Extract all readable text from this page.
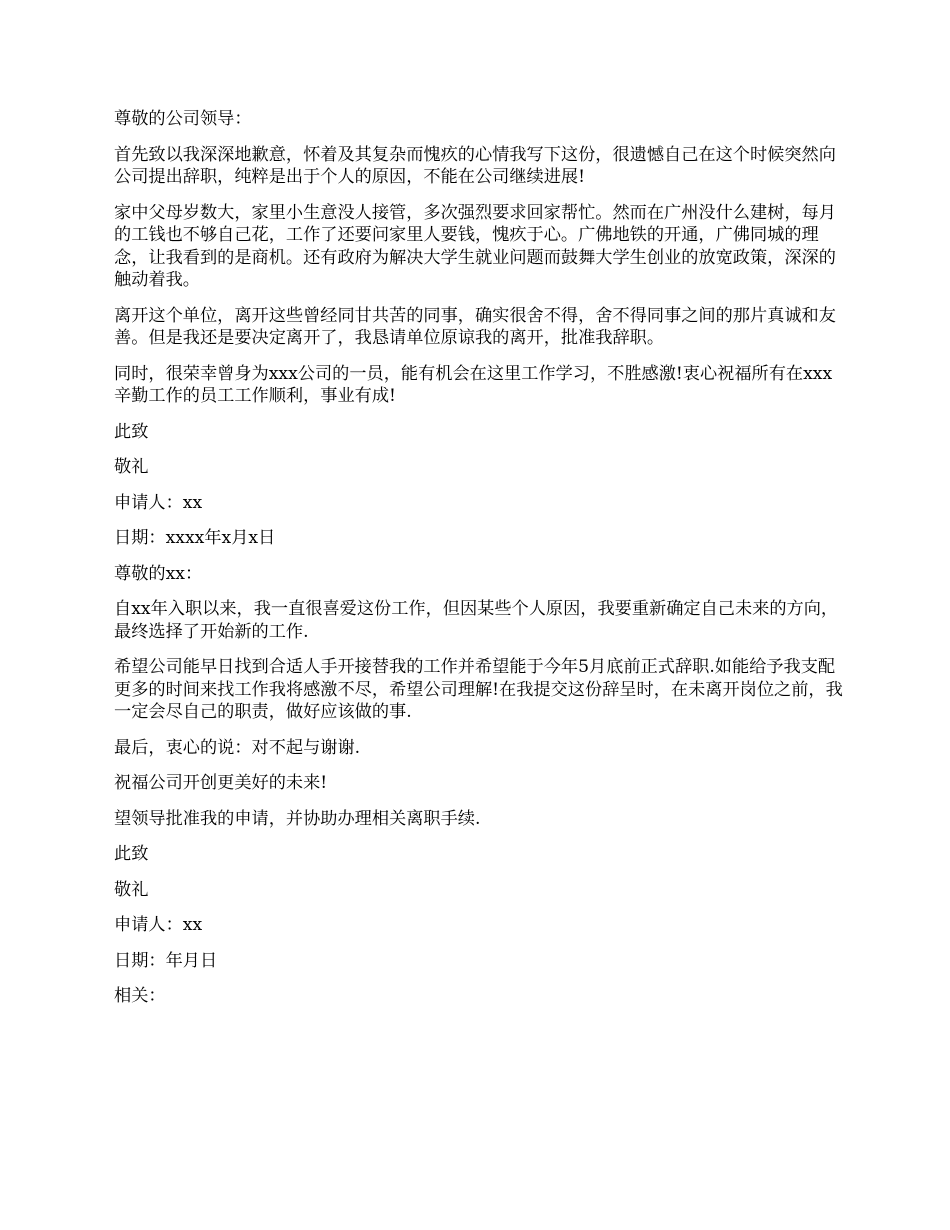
尊敬的公司领导：

首先致以我深深地歉意，怀着及其复杂而愧疚的心情我写下这份，很遗憾自己在这个时候突然向公司提出辞职，纯粹是出于个人的原因，不能在公司继续进展!

家中父母岁数大，家里小生意没人接管，多次强烈要求回家帮忙。然而在广州没什么建树，每月的工钱也不够自己花，工作了还要问家里人要钱，愧疚于心。广佛地铁的开通，广佛同城的理念，让我看到的是商机。还有政府为解决大学生就业问题而鼓舞大学生创业的放宽政策，深深的触动着我。

离开这个单位，离开这些曾经同甘共苦的同事，确实很舍不得，舍不得同事之间的那片真诚和友善。但是我还是要决定离开了，我恳请单位原谅我的离开，批准我辞职。

同时，很荣幸曾身为xxx公司的一员，能有机会在这里工作学习，不胜感激!衷心祝福所有在xxx辛勤工作的员工工作顺利，事业有成!

此致

敬礼

申请人：xx

日期：xxxx年x月x日

尊敬的xx：

自xx年入职以来，我一直很喜爱这份工作，但因某些个人原因，我要重新确定自己未来的方向，最终选择了开始新的工作.

希望公司能早日找到合适人手开接替我的工作并希望能于今年5月底前正式辞职.如能给予我支配更多的时间来找工作我将感激不尽，希望公司理解!在我提交这份辞呈时，在未离开岗位之前，我一定会尽自己的职责，做好应该做的事.

最后，衷心的说：对不起与谢谢.

祝福公司开创更美好的未来!

望领导批准我的申请，并协助办理相关离职手续.

此致

敬礼

申请人：xx

日期：年月日

相关：
